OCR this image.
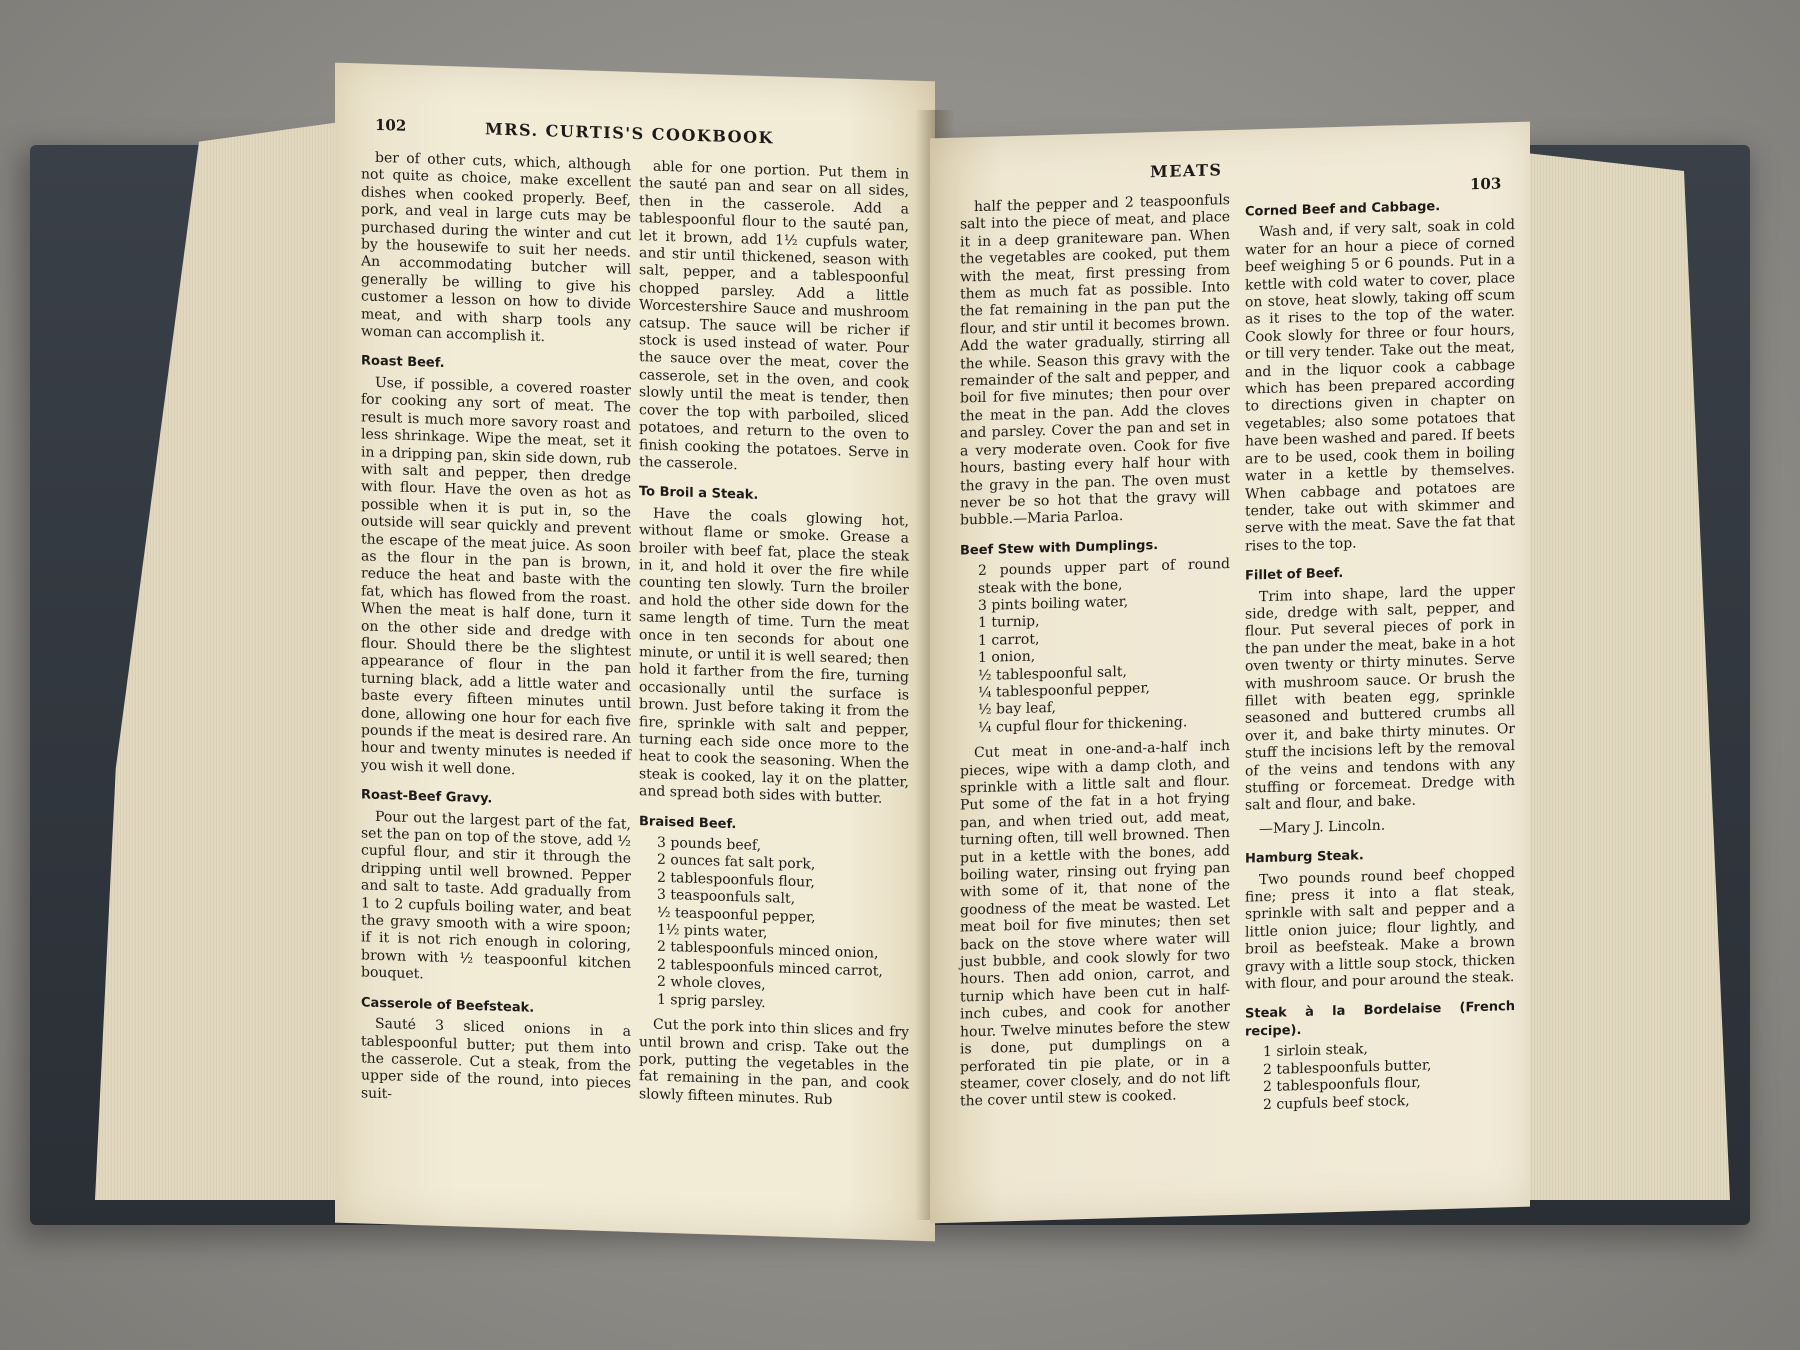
102	MRS. CURTIS'S COOKBOOK

ber of other cuts, which, although not quite as choice, make excellent dishes when cooked properly. Beef, pork, and veal in large cuts may be purchased during the winter and cut by the housewife to suit her needs. An accommodating butcher will generally be willing to give his customer a lesson on how to divide meat, and with sharp tools any woman can accomplish it.

Roast Beef.

Use, if possible, a covered roaster for cooking any sort of meat. The result is much more savory roast and less shrinkage. Wipe the meat, set it in a dripping pan, skin side down, rub with salt and pepper, then dredge with flour. Have the oven as hot as possible when it is put in, so the outside will sear quickly and prevent the escape of the meat juice. As soon as the flour in the pan is brown, reduce the heat and baste with the fat, which has flowed from the roast. When the meat is half done, turn it on the other side and dredge with flour. Should there be the slightest appearance of flour in the pan turning black, add a little water and baste every fifteen minutes until done, allowing one hour for each five pounds if the meat is desired rare. An hour and twenty minutes is needed if you wish it well done.

Roast-Beef Gravy.

Pour out the largest part of the fat, set the pan on top of the stove, add ½ cupful flour, and stir it through the dripping until well browned. Pepper and salt to taste. Add gradually from 1 to 2 cupfuls boiling water, and beat the gravy smooth with a wire spoon; if it is not rich enough in coloring, brown with ½ teaspoonful kitchen bouquet.

Casserole of Beefsteak.

Sauté 3 sliced onions in a tablespoonful butter; put them into the casserole. Cut a steak, from the upper side of the round, into pieces suit-

able for one portion. Put them in the sauté pan and sear on all sides, then in the casserole. Add a tablespoonful flour to the sauté pan, let it brown, add 1½ cupfuls water, and stir until thickened, season with salt, pepper, and a tablespoonful chopped parsley. Add a little Worcestershire Sauce and mushroom catsup. The sauce will be richer if stock is used instead of water. Pour the sauce over the meat, cover the casserole, set in the oven, and cook slowly until the meat is tender, then cover the top with parboiled, sliced potatoes, and return to the oven to finish cooking the potatoes. Serve in the casserole.

To Broil a Steak.

Have the coals glowing hot, without flame or smoke. Grease a broiler with beef fat, place the steak in it, and hold it over the fire while counting ten slowly. Turn the broiler and hold the other side down for the same length of time. Turn the meat once in ten seconds for about one minute, or until it is well seared; then hold it farther from the fire, turning occasionally until the surface is brown. Just before taking it from the fire, sprinkle with salt and pepper, turning each side once more to the heat to cook the seasoning. When the steak is cooked, lay it on the platter, and spread both sides with butter.

Braised Beef.
3 pounds beef,
2 ounces fat salt pork,
2 tablespoonfuls flour,
3 teaspoonfuls salt,
½ teaspoonful pepper,
1½ pints water,
2 tablespoonfuls minced onion,
2 tablespoonfuls minced carrot,
2 whole cloves,
1 sprig parsley.

Cut the pork into thin slices and fry until brown and crisp. Take out the pork, putting the vegetables in the fat remaining in the pan, and cook slowly fifteen minutes. Rub

MEATS
103

half the pepper and 2 teaspoonfuls salt into the piece of meat, and place it in a deep graniteware pan. When the vegetables are cooked, put them with the meat, first pressing from them as much fat as possible. Into the fat remaining in the pan put the flour, and stir until it becomes brown. Add the water gradually, stirring all the while. Season this gravy with the remainder of the salt and pepper, and boil for five minutes; then pour over the meat in the pan. Add the cloves and parsley. Cover the pan and set in a very moderate oven. Cook for five hours, basting every half hour with the gravy in the pan. The oven must never be so hot that the gravy will bubble.—Maria Parloa.

Beef Stew with Dumplings.
2 pounds upper part of round steak with the bone,
3 pints boiling water,
1 turnip,
1 carrot,
1 onion,
½ tablespoonful salt,
¼ tablespoonful pepper,
½ bay leaf,
¼ cupful flour for thickening.

Cut meat in one-and-a-half inch pieces, wipe with a damp cloth, and sprinkle with a little salt and flour. Put some of the fat in a hot frying pan, and when tried out, add meat, turning often, till well browned. Then put in a kettle with the bones, add boiling water, rinsing out frying pan with some of it, that none of the goodness of the meat be wasted. Let meat boil for five minutes; then set back on the stove where water will just bubble, and cook slowly for two hours. Then add onion, carrot, and turnip which have been cut in half-inch cubes, and cook for another hour. Twelve minutes before the stew is done, put dumplings on a perforated tin pie plate, or in a steamer, cover closely, and do not lift the cover until stew is cooked.

Corned Beef and Cabbage.

Wash and, if very salt, soak in cold water for an hour a piece of corned beef weighing 5 or 6 pounds. Put in a kettle with cold water to cover, place on stove, heat slowly, taking off scum as it rises to the top of the water. Cook slowly for three or four hours, or till very tender. Take out the meat, and in the liquor cook a cabbage which has been prepared according to directions given in chapter on vegetables; also some potatoes that have been washed and pared. If beets are to be used, cook them in boiling water in a kettle by themselves. When cabbage and potatoes are tender, take out with skimmer and serve with the meat. Save the fat that rises to the top.

Fillet of Beef.

Trim into shape, lard the upper side, dredge with salt, pepper, and flour. Put several pieces of pork in the pan under the meat, bake in a hot oven twenty or thirty minutes. Serve with mushroom sauce. Or brush the fillet with beaten egg, sprinkle seasoned and buttered crumbs all over it, and bake thirty minutes. Or stuff the incisions left by the removal of the veins and tendons with any stuffing or forcemeat. Dredge with salt and flour, and bake.

—Mary J. Lincoln.

Hamburg Steak.

Two pounds round beef chopped fine; press it into a flat steak, sprinkle with salt and pepper and a little onion juice; flour lightly, and broil as beefsteak. Make a brown gravy with a little soup stock, thicken with flour, and pour around the steak.

Steak à la Bordelaise (French recipe).
1 sirloin steak,
2 tablespoonfuls butter,
2 tablespoonfuls flour,
2 cupfuls beef stock,
